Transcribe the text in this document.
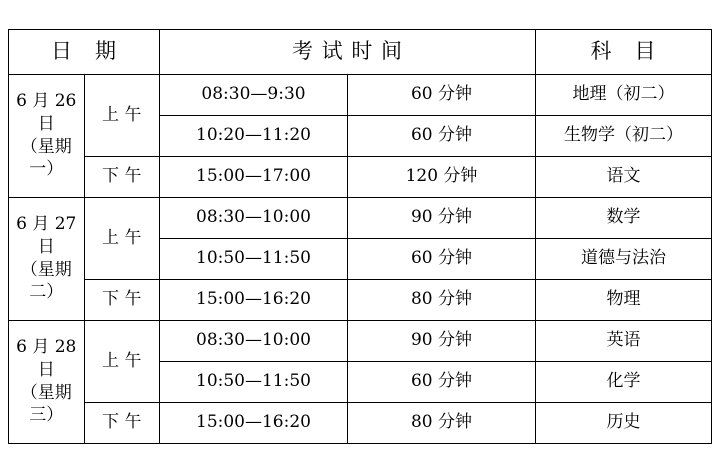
日　期		考 试 时 间		科　目

6 月 26 日
（星期一）	上 午	08:30—9:30	60 分钟	地理（初二）
		10:20—11:20	60 分钟	生物学（初二）
	下 午	15:00—17:00	120 分钟	语文

6 月 27 日
（星期二）	上 午	08:30—10:00	90 分钟	数学
		10:50—11:50	60 分钟	道德与法治
	下 午	15:00—16:20	80 分钟	物理

6 月 28 日
（星期三）	上 午	08:30—10:00	90 分钟	英语
		10:50—11:50	60 分钟	化学
	下 午	15:00—16:20	80 分钟	历史
